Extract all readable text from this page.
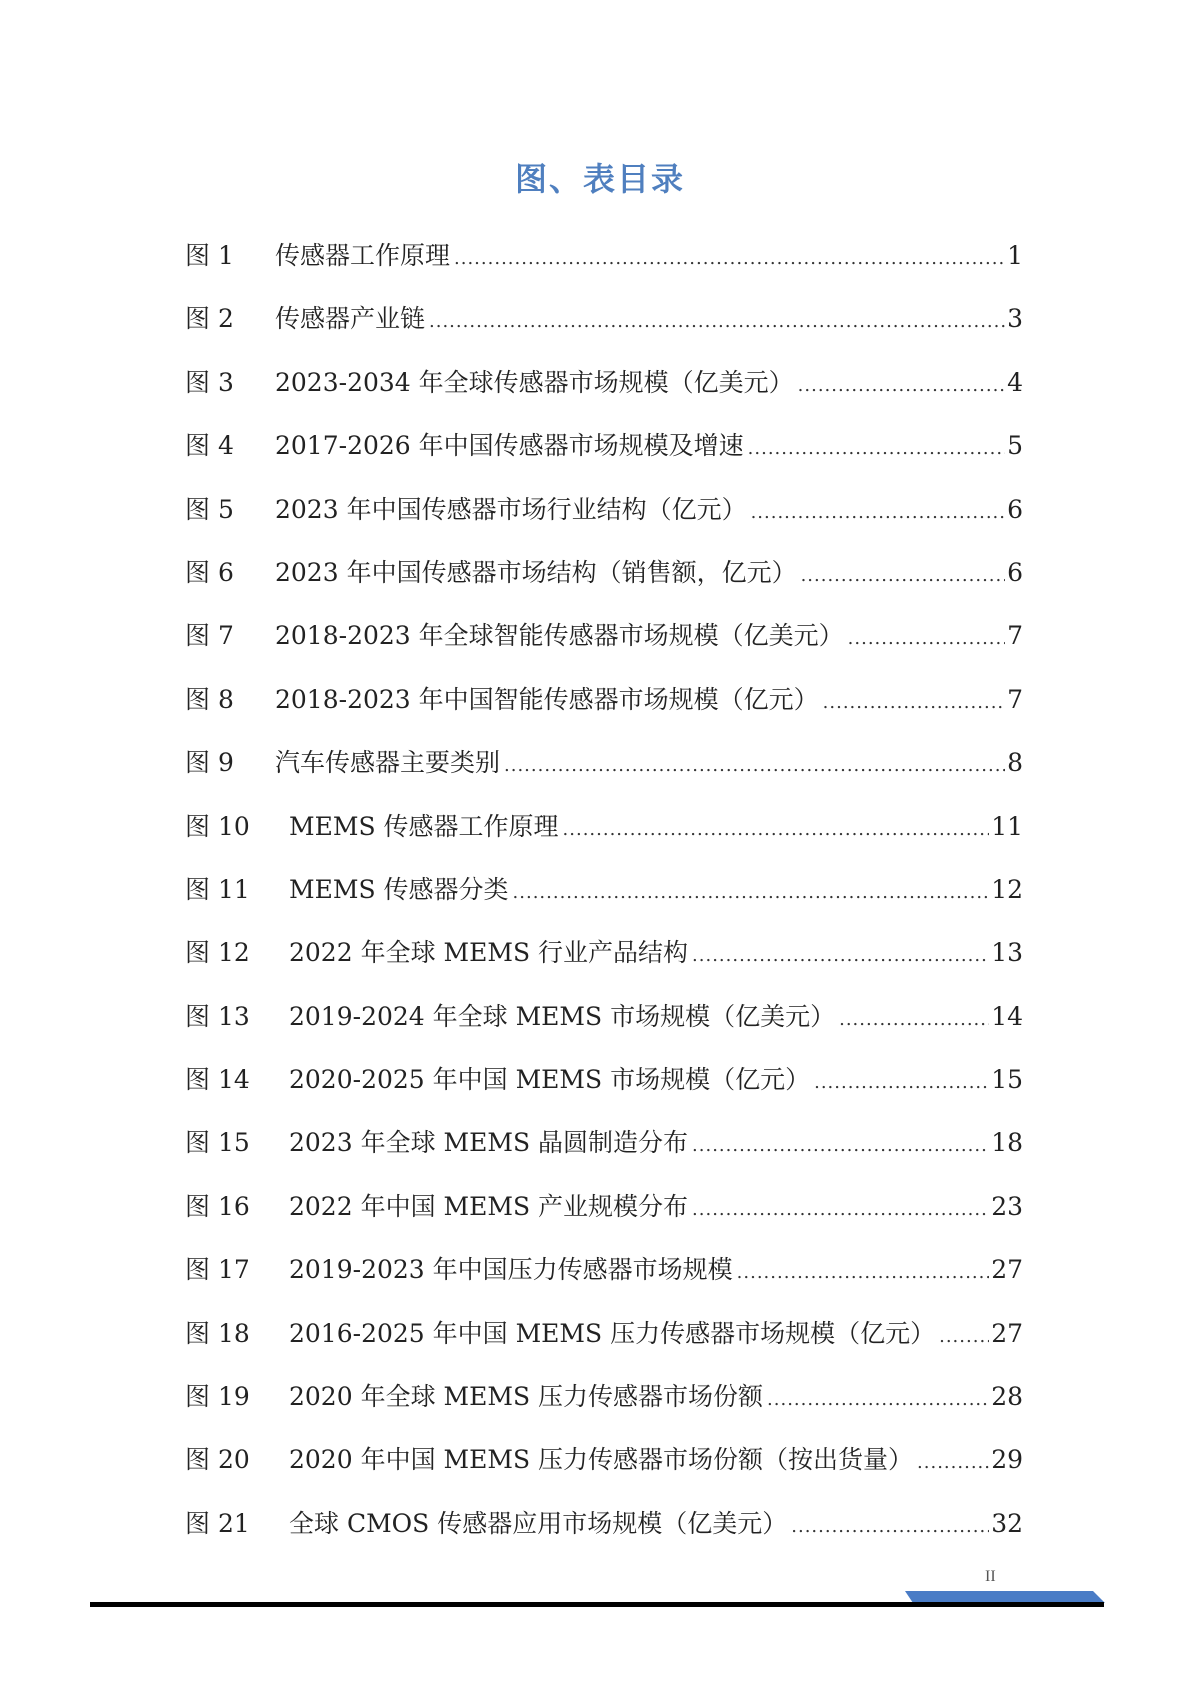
图、表目录
图 1	传感器工作原理 .....	1
图 2	传感器产业链 .....	3
图 3	2023-2034 年全球传感器市场规模（亿美元） .....	4
图 4	2017-2026 年中国传感器市场规模及增速 .....	5
图 5	2023 年中国传感器市场行业结构（亿元） .....	6
图 6	2023 年中国传感器市场结构（销售额，亿元） .....	6
图 7	2018-2023 年全球智能传感器市场规模（亿美元） .....	7
图 8	2018-2023 年中国智能传感器市场规模（亿元） .....	7
图 9	汽车传感器主要类别 .....	8
图 10	MEMS 传感器工作原理 .....	11
图 11	MEMS 传感器分类 .....	12
图 12	2022 年全球 MEMS 行业产品结构 .....	13
图 13	2019-2024 年全球 MEMS 市场规模（亿美元） .....	14
图 14	2020-2025 年中国 MEMS 市场规模（亿元） .....	15
图 15	2023 年全球 MEMS 晶圆制造分布 .....	18
图 16	2022 年中国 MEMS 产业规模分布 .....	23
图 17	2019-2023 年中国压力传感器市场规模 .....	27
图 18	2016-2025 年中国 MEMS 压力传感器市场规模（亿元） ..... 27
图 19	2020 年全球 MEMS 压力传感器市场份额 .....	28
图 20	2020 年中国 MEMS 压力传感器市场份额（按出货量） .....	29
图 21	全球 CMOS 传感器应用市场规模（亿美元） .....	32
II
